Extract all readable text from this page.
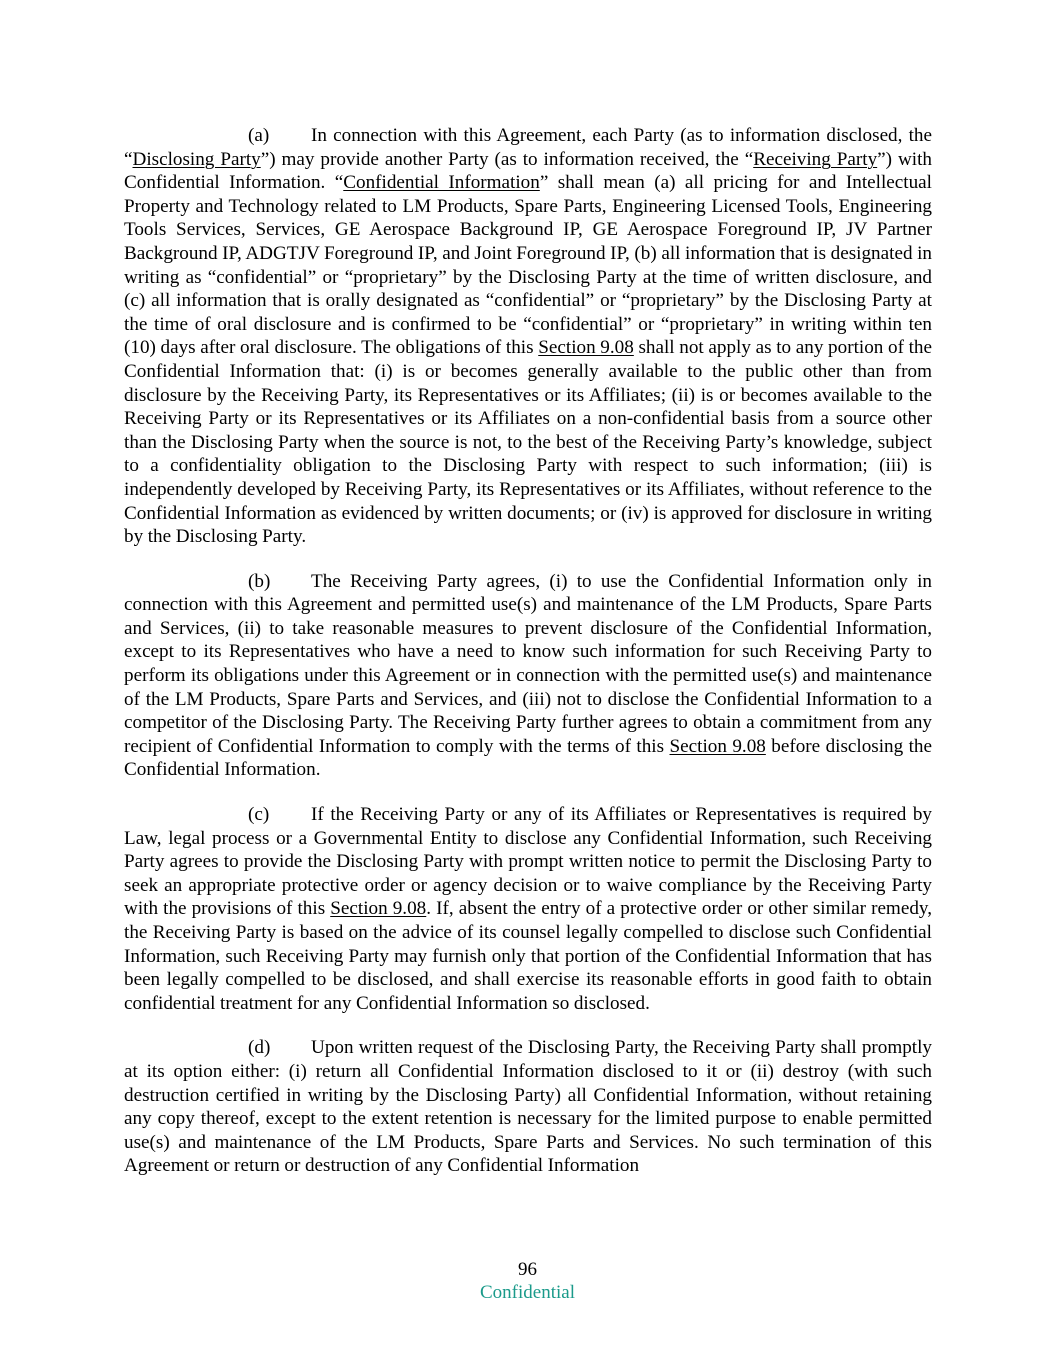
(a) In connection with this Agreement, each Party (as to information disclosed, the “Disclosing Party”) may provide another Party (as to information received, the “Receiving Party”) with Confidential Information. “Confidential Information” shall mean (a) all pricing for and Intellectual Property and Technology related to LM Products, Spare Parts, Engineering Licensed Tools, Engineering Tools Services, Services, GE Aerospace Background IP, GE Aerospace Foreground IP, JV Partner Background IP, ADGTJV Foreground IP, and Joint Foreground IP, (b) all information that is designated in writing as “confidential” or “proprietary” by the Disclosing Party at the time of written disclosure, and (c) all information that is orally designated as “confidential” or “proprietary” by the Disclosing Party at the time of oral disclosure and is confirmed to be “confidential” or “proprietary” in writing within ten (10) days after oral disclosure. The obligations of this Section 9.08 shall not apply as to any portion of the Confidential Information that: (i) is or becomes generally available to the public other than from disclosure by the Receiving Party, its Representatives or its Affiliates; (ii) is or becomes available to the Receiving Party or its Representatives or its Affiliates on a non-confidential basis from a source other than the Disclosing Party when the source is not, to the best of the Receiving Party’s knowledge, subject to a confidentiality obligation to the Disclosing Party with respect to such information; (iii) is independently developed by Receiving Party, its Representatives or its Affiliates, without reference to the Confidential Information as evidenced by written documents; or (iv) is approved for disclosure in writing by the Disclosing Party.

(b) The Receiving Party agrees, (i) to use the Confidential Information only in connection with this Agreement and permitted use(s) and maintenance of the LM Products, Spare Parts and Services, (ii) to take reasonable measures to prevent disclosure of the Confidential Information, except to its Representatives who have a need to know such information for such Receiving Party to perform its obligations under this Agreement or in connection with the permitted use(s) and maintenance of the LM Products, Spare Parts and Services, and (iii) not to disclose the Confidential Information to a competitor of the Disclosing Party. The Receiving Party further agrees to obtain a commitment from any recipient of Confidential Information to comply with the terms of this Section 9.08 before disclosing the Confidential Information.

(c) If the Receiving Party or any of its Affiliates or Representatives is required by Law, legal process or a Governmental Entity to disclose any Confidential Information, such Receiving Party agrees to provide the Disclosing Party with prompt written notice to permit the Disclosing Party to seek an appropriate protective order or agency decision or to waive compliance by the Receiving Party with the provisions of this Section 9.08. If, absent the entry of a protective order or other similar remedy, the Receiving Party is based on the advice of its counsel legally compelled to disclose such Confidential Information, such Receiving Party may furnish only that portion of the Confidential Information that has been legally compelled to be disclosed, and shall exercise its reasonable efforts in good faith to obtain confidential treatment for any Confidential Information so disclosed.

(d) Upon written request of the Disclosing Party, the Receiving Party shall promptly at its option either: (i) return all Confidential Information disclosed to it or (ii) destroy (with such destruction certified in writing by the Disclosing Party) all Confidential Information, without retaining any copy thereof, except to the extent retention is necessary for the limited purpose to enable permitted use(s) and maintenance of the LM Products, Spare Parts and Services. No such termination of this Agreement or return or destruction of any Confidential Information

96
Confidential
